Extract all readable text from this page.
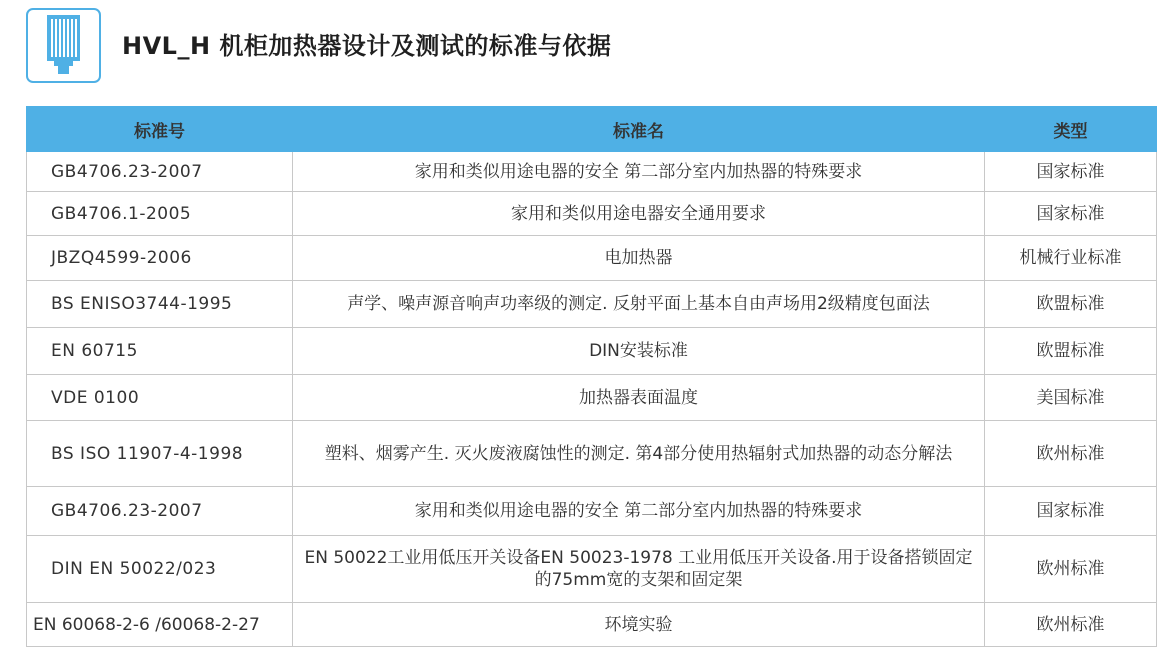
HVL_H 机柜加热器设计及测试的标准与依据
标准号	标准名	类型
GB4706.23-2007	家用和类似用途电器的安全 第二部分室内加热器的特殊要求	国家标准
GB4706.1-2005	家用和类似用途电器安全通用要求	国家标准
JBZQ4599-2006	电加热器	机械行业标准
BS ENISO3744-1995	声学、噪声源音响声功率级的测定. 反射平面上基本自由声场用2级精度包面法	欧盟标准
EN 60715	DIN安装标准	欧盟标准
VDE 0100	加热器表面温度	美国标准
BS ISO 11907-4-1998	塑料、烟雾产生. 灭火废液腐蚀性的测定. 第4部分使用热辐射式加热器的动态分解法	欧州标准
GB4706.23-2007	家用和类似用途电器的安全 第二部分室内加热器的特殊要求	国家标准
DIN EN 50022/023	EN 50022工业用低压开关设备EN 50023-1978 工业用低压开关设备.用于设备搭锁固定的75mm宽的支架和固定架	欧州标准
EN 60068-2-6 /60068-2-27	环境实验	欧州标准
